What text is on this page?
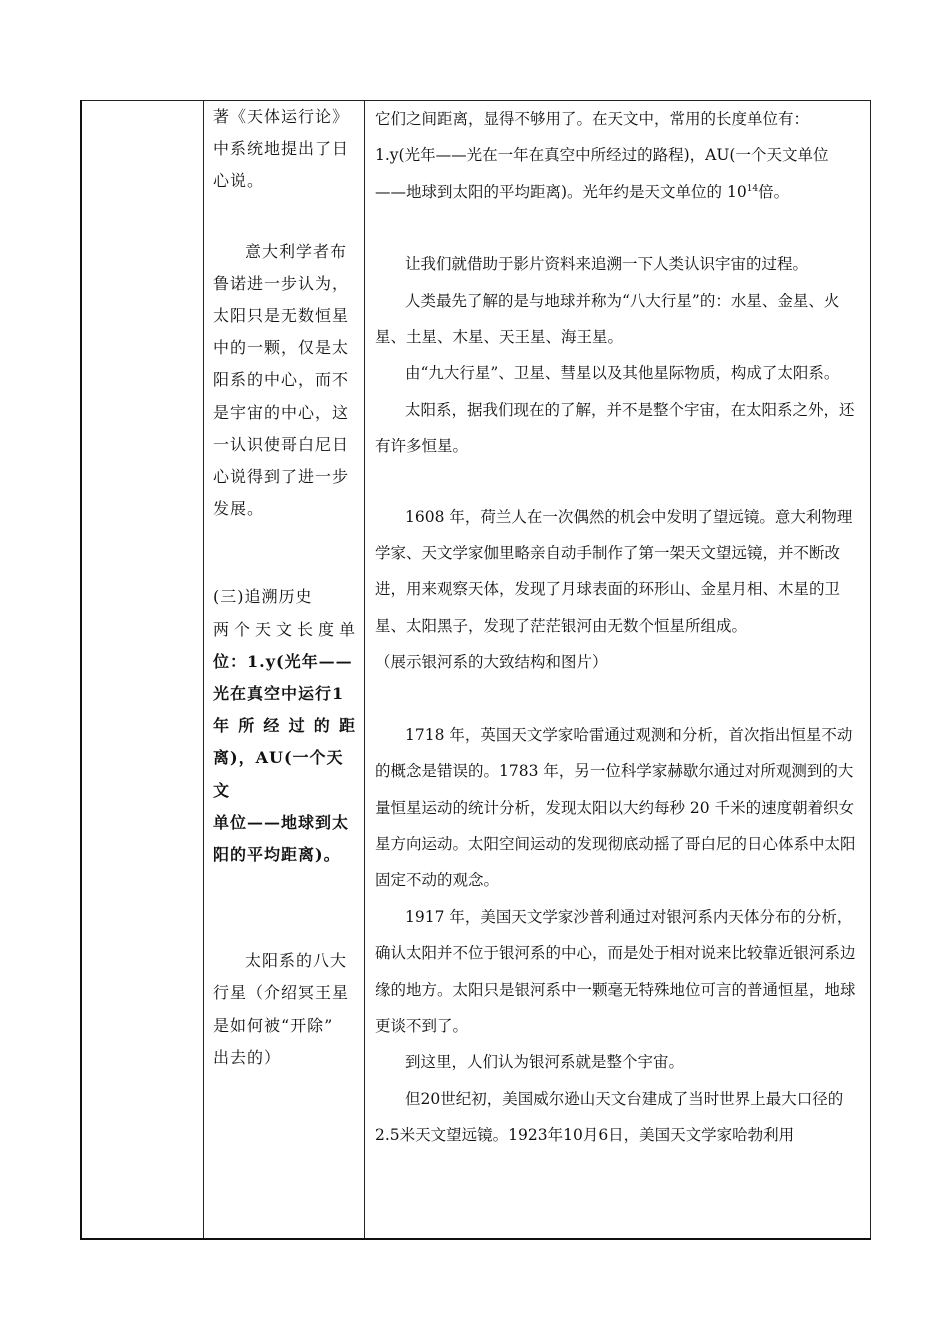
著《天体运行论》

中系统地提出了日

心说。

意大利学者布

鲁诺进一步认为，

太阳只是无数恒星

中的一颗，仅是太

阳系的中心，而不

是宇宙的中心，这

一认识使哥白尼日

心说得到了进一步

发展。

(三)追溯历史

两个天文长度单

位：1.y(光年——

光在真空中运行1

年所经过的距

离)，AU(一个天文

单位——地球到太

阳的平均距离)。

太阳系的八大

行星（介绍冥王星

是如何被“开除”

出去的）

它们之间距离，显得不够用了。在天文中，常用的长度单位有：

1.y(光年——光在一年在真空中所经过的路程)，AU(一个天文单位

——地球到太阳的平均距离)。光年约是天文单位的 $10^{14}$倍。

让我们就借助于影片资料来追溯一下人类认识宇宙的过程。

人类最先了解的是与地球并称为“八大行星”的：水星、金星、火星、土星、木星、天王星、海王星。

由“九大行星”、卫星、彗星以及其他星际物质，构成了太阳系。

太阳系，据我们现在的了解，并不是整个宇宙，在太阳系之外，还有许多恒星。

1608 年，荷兰人在一次偶然的机会中发明了望远镜。意大利物理学家、天文学家伽里略亲自动手制作了第一架天文望远镜，并不断改进，用来观察天体，发现了月球表面的环形山、金星月相、木星的卫星、太阳黑子，发现了茫茫银河由无数个恒星所组成。

（展示银河系的大致结构和图片）

1718 年，英国天文学家哈雷通过观测和分析，首次指出恒星不动的概念是错误的。1783 年，另一位科学家赫歇尔通过对所观测到的大量恒星运动的统计分析，发现太阳以大约每秒 20 千米的速度朝着织女星方向运动。太阳空间运动的发现彻底动摇了哥白尼的日心体系中太阳固定不动的观念。

1917 年，美国天文学家沙普利通过对银河系内天体分布的分析，确认太阳并不位于银河系的中心，而是处于相对说来比较靠近银河系边缘的地方。太阳只是银河系中一颗毫无特殊地位可言的普通恒星，地球更谈不到了。

到这里，人们认为银河系就是整个宇宙。

但20世纪初，美国威尔逊山天文台建成了当时世界上最大口径的2.5米天文望远镜。1923年10月6日，美国天文学家哈勃利用
